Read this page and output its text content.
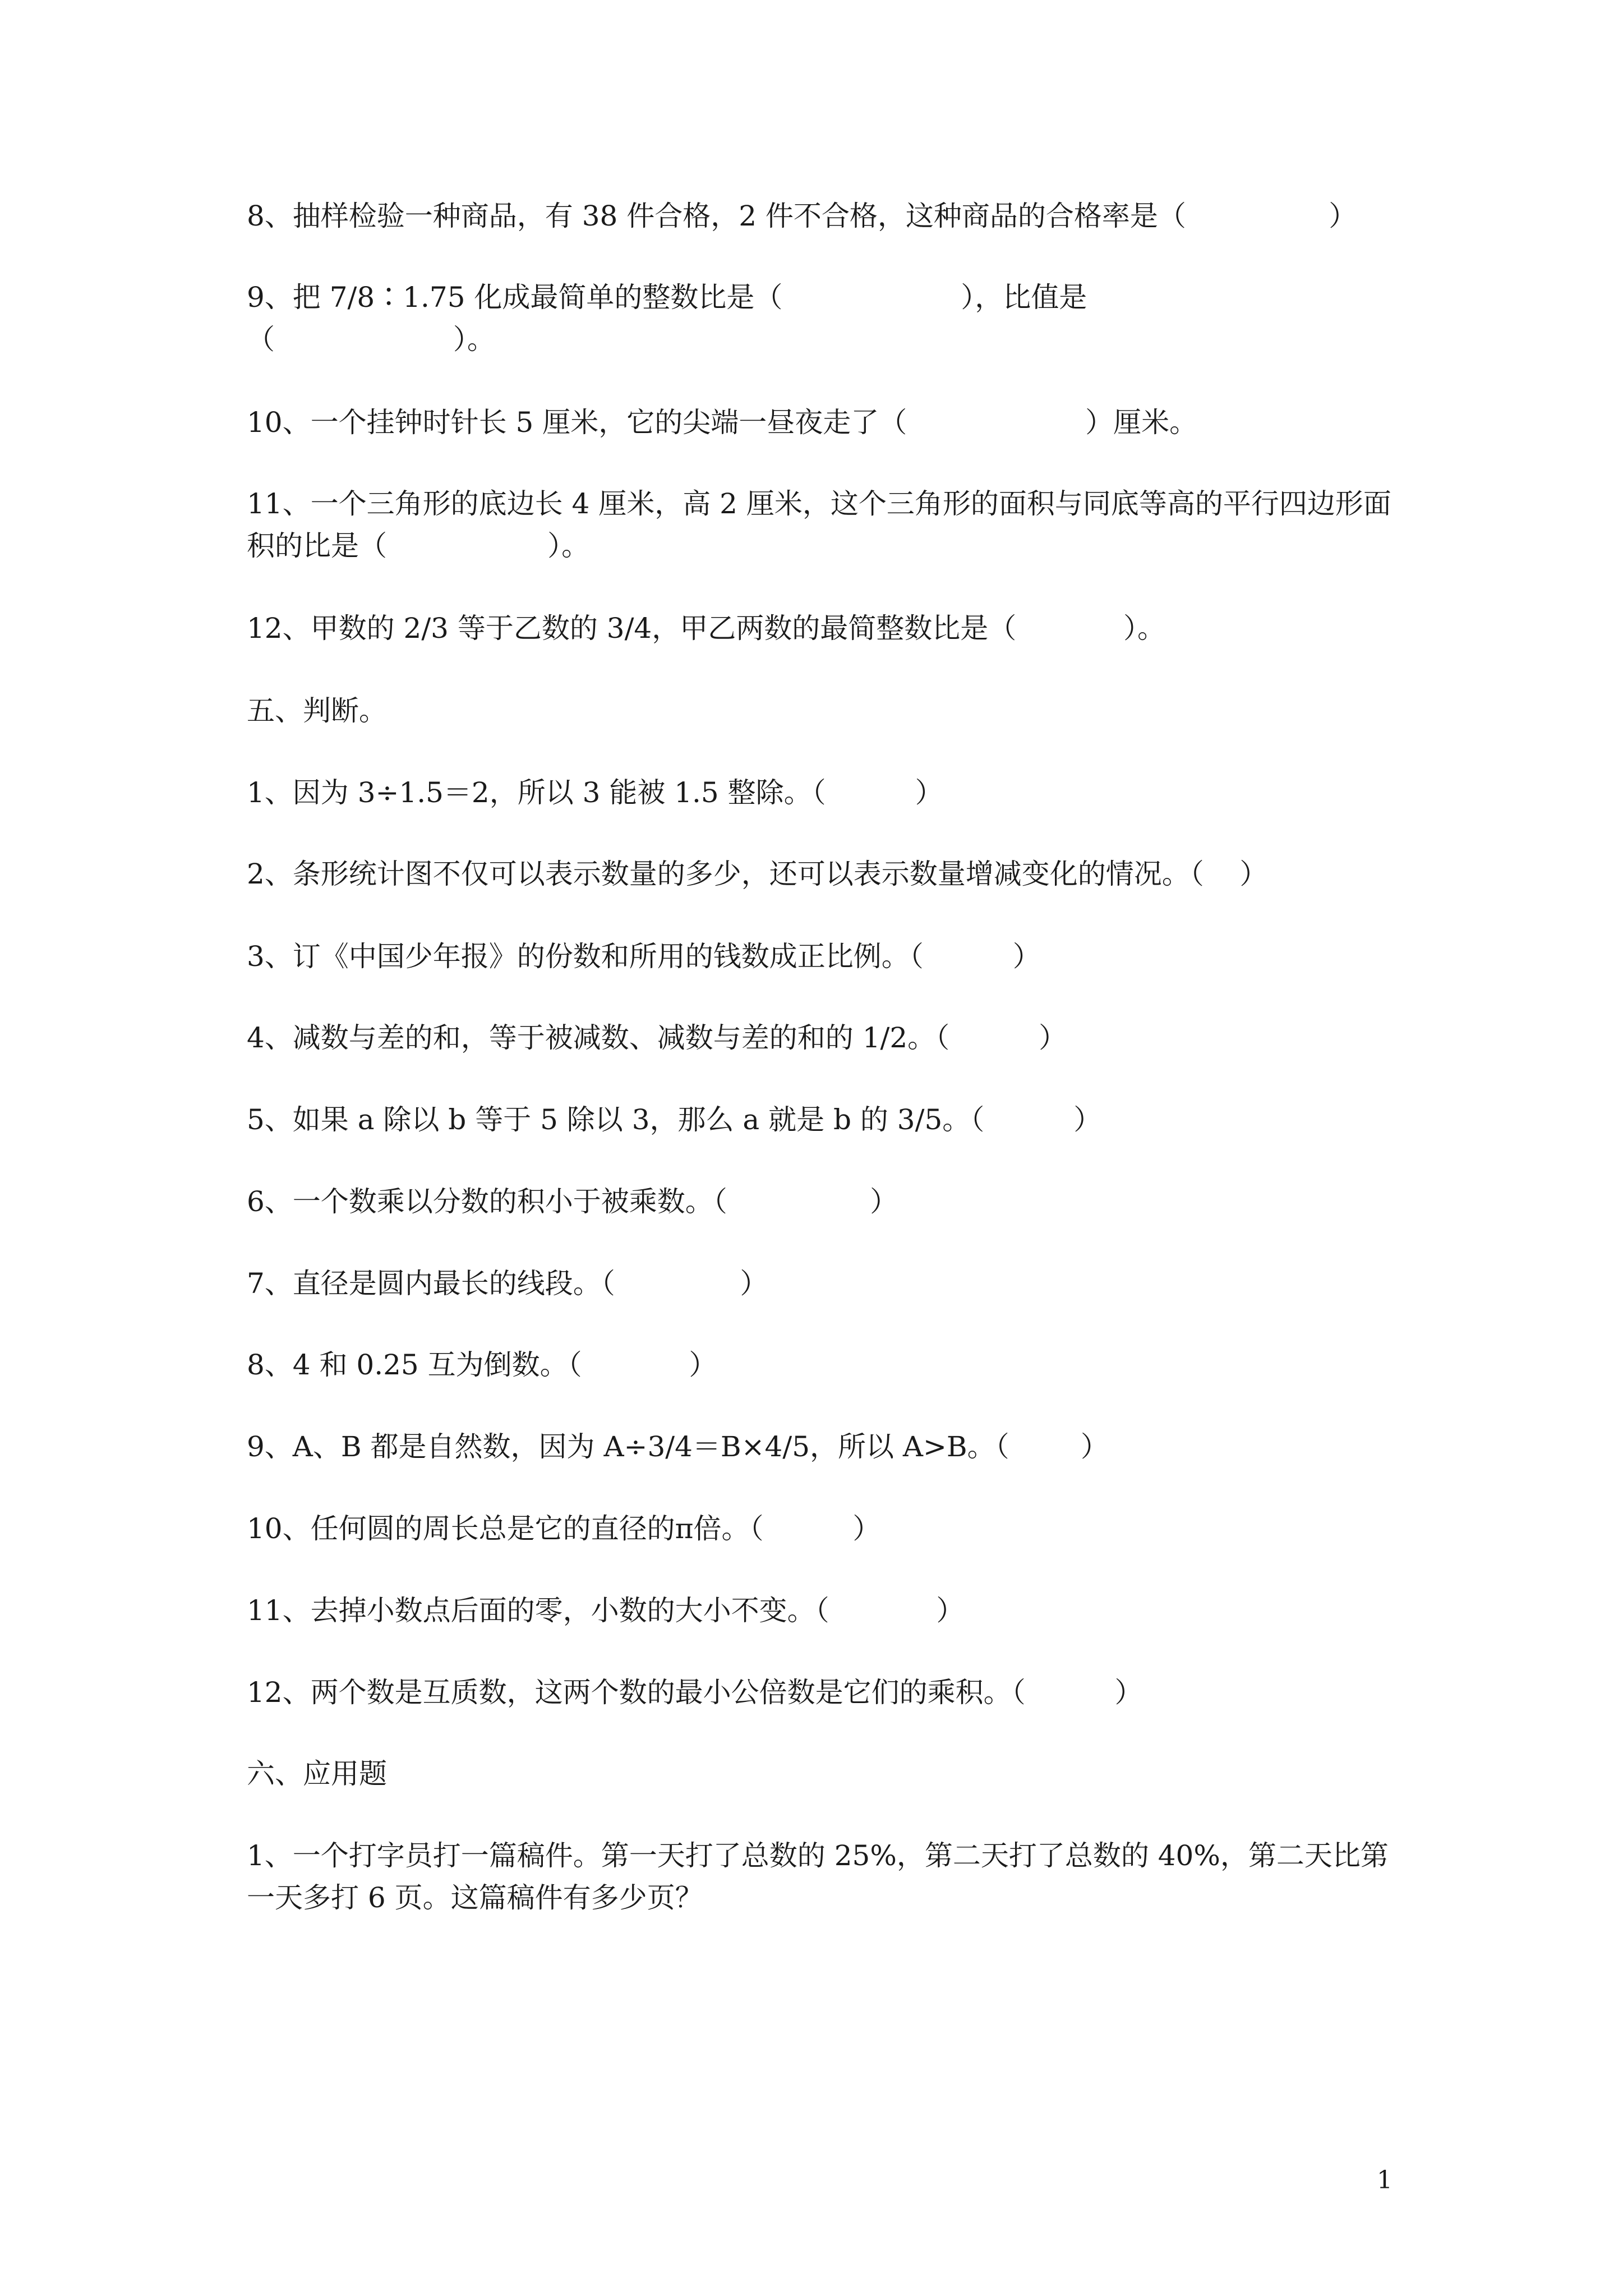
8、抽样检验一种商品，有 38 件合格，2 件不合格，这种商品的合格率是（                ）
9、把 7/8∶1.75 化成最简单的整数比是（                    ），比值是
（                    ）。
10、一个挂钟时针长 5 厘米，它的尖端一昼夜走了（                    ）厘米。
11、一个三角形的底边长 4 厘米，高 2 厘米，这个三角形的面积与同底等高的平行四边形面
积的比是（                  ）。
12、甲数的 2/3 等于乙数的 3/4，甲乙两数的最简整数比是（            ）。
五、判断。
1、因为 3÷1.5＝2，所以 3 能被 1.5 整除。（          ）
2、条形统计图不仅可以表示数量的多少，还可以表示数量增减变化的情况。（    ）
3、订《中国少年报》的份数和所用的钱数成正比例。（          ）
4、减数与差的和，等于被减数、减数与差的和的 1/2。（          ）
5、如果 a 除以 b 等于 5 除以 3，那么 a 就是 b 的 3/5。（          ）
6、一个数乘以分数的积小于被乘数。（                ）
7、直径是圆内最长的线段。（              ）
8、4 和 0.25 互为倒数。（            ）
9、A、B 都是自然数，因为 A÷3/4＝B×4/5，所以 A>B。（        ）
10、任何圆的周长总是它的直径的π倍。（          ）
11、去掉小数点后面的零，小数的大小不变。（            ）
12、两个数是互质数，这两个数的最小公倍数是它们的乘积。（          ）
六、应用题
1、一个打字员打一篇稿件。第一天打了总数的 25%，第二天打了总数的 40%，第二天比第
一天多打 6 页。这篇稿件有多少页？
1
